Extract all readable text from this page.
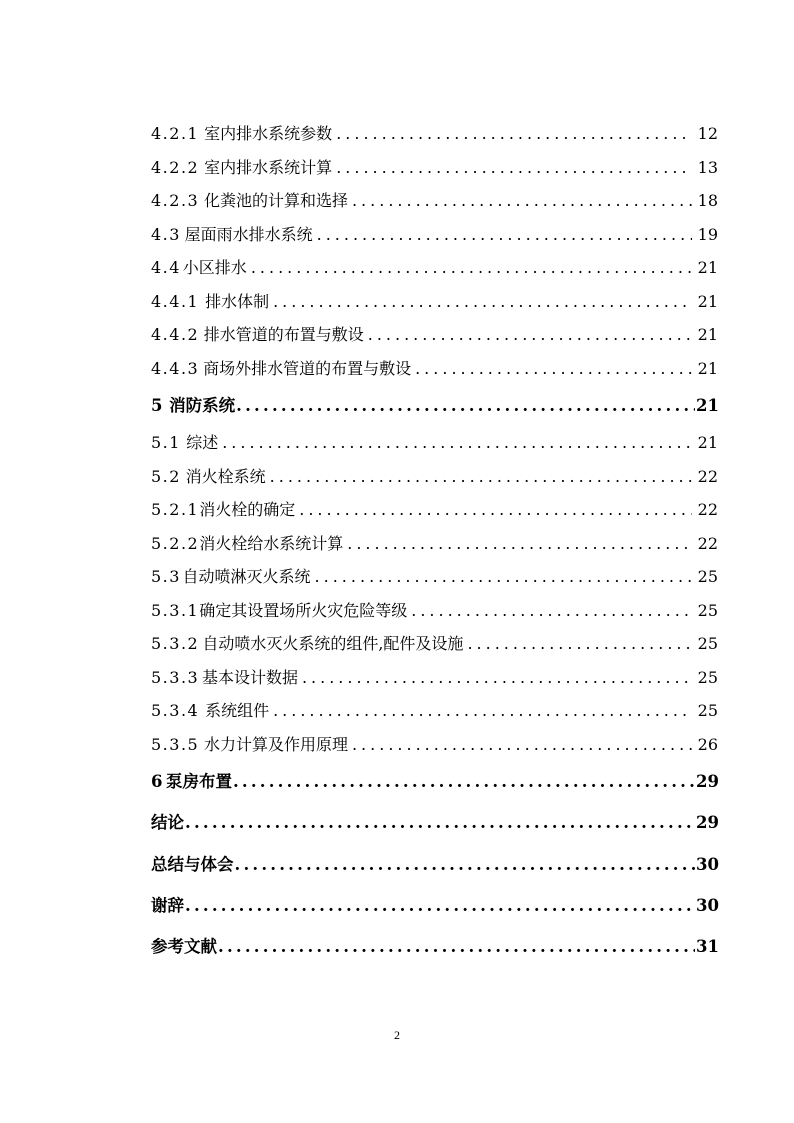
4.2.1 室内排水系统参数 .....	12
4.2.2 室内排水系统计算 .....	13
4.2.3 化粪池的计算和选择 .....	18
4.3 屋面雨水排水系统 .....	19
4.4 小区排水 .....	21
4.4.1 排水体制 .....	21
4.4.2 排水管道的布置与敷设 .....	21
4.4.3 商场外排水管道的布置与敷设 .....	21
5 消防系统 .....	21
5.1 综述 .....	21
5.2 消火栓系统 .....	22
5.2.1 消火栓的确定 .....	22
5.2.2 消火栓给水系统计算 .....	22
5.3 自动喷淋灭火系统 .....	25
5.3.1 确定其设置场所火灾危险等级 .....	25
5.3.2 自动喷水灭火系统的组件,配件及设施 .....	25
5.3.3 基本设计数据 .....	25
5.3.4 系统组件 .....	25
5.3.5 水力计算及作用原理 .....	26
6 泵房布置 .....	29
结论 .....	29
总结与体会 .....	30
谢辞 .....	30
参考文献 .....	31
2
